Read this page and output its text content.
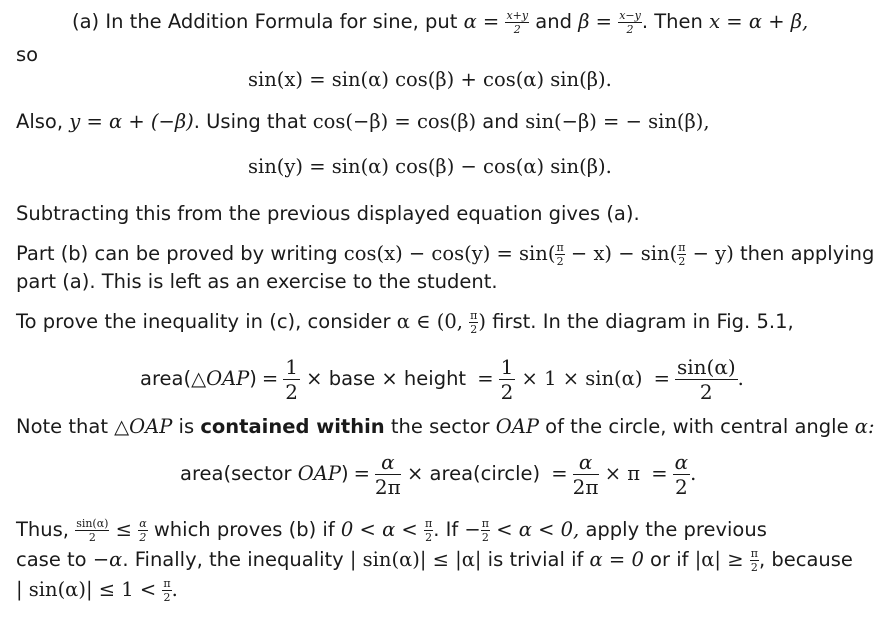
(a) In the Addition Formula for sine, put $\alpha = \frac{x+y}{2}$ and $\beta = \frac{x-y}{2}$ . Then x = α + β,
so
sin(x) = sin(α) cos(β) + cos(α) sin(β).
Also, y = α + (−β). Using that cos(−β) = cos(β) and sin(−β) = − sin(β),
sin(y) = sin(α) cos(β) − cos(α) sin(β).
Subtracting this from the previous displayed equation gives (a).
Part (b) can be proved by writing $\cos(x) - \cos(y) = \sin( \frac{\pi}{2} - x) - \sin( \frac{\pi}{2} - y)$ then applying
part (a). This is left as an exercise to the student.
To prove the inequality in (c), consider α ∈ (0, $\frac{\pi}{2}$ ) first. In the diagram in Fig. 5.1,
area(△OAP) = $\frac{1}{2}$ × base × height = $\frac{1}{2} \times 1 \times \sin(\alpha) = \frac{\sin(\alpha)}{2}$ .
Note that △OAP is contained within the sector OAP of the circle, with central angle α:
area(sector $OAP) = \frac{\alpha}{2\pi}$ × area(circle) = $\frac{\alpha}{2\pi} \times \pi = \frac{\alpha}{2}$ .
Thus, $\frac{\sin(\alpha)}{2} \le \frac{\alpha}{2}$ which proves (b) if $0 < \alpha < \frac{\pi}{2}$ . $If - \frac{\pi}{2} < \alpha < 0$, apply the previous
case to −α. Finally, the inequality | sin(α)| ≤ |α| is trivial if α = 0 or if $|\alpha| \ge \frac{\pi}{2}$ , because
| $\sin(\alpha)| \le 1 < \frac{\pi}{2}$ .
